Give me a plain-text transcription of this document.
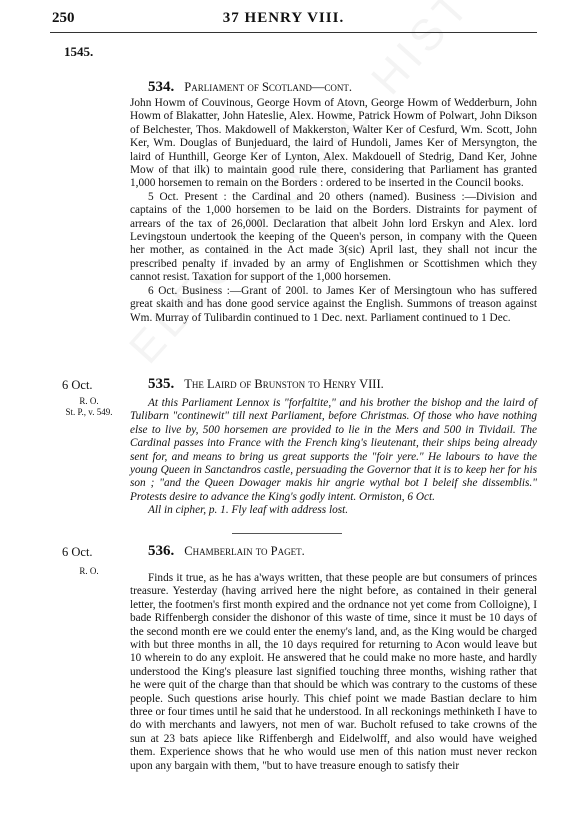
250	37 HENRY VIII.
1545.
534. Parliament of Scotland—cont.

John Howm of Couvinous, George Hovm of Atovn, George Howm of Wedderburn, John Howm of Blakatter, John Hateslie, Alex. Howme, Patrick Howm of Polwart, John Dikson of Belchester, Thos. Makdowell of Makkerston, Walter Ker of Cesfurd, Wm. Scott, John Ker, Wm. Douglas of Bunjeduard, the laird of Hundoli, James Ker of Mersyngton, the laird of Hunthill, George Ker of Lynton, Alex. Makdouell of Stedrig, Dand Ker, Johne Mow of that ilk) to maintain good rule there, considering that Parliament has granted 1,000 horsemen to remain on the Borders : ordered to be inserted in the Council books.

5 Oct. Present : the Cardinal and 20 others (named). Business :—Division and captains of the 1,000 horsemen to be laid on the Borders. Distraints for payment of arrears of the tax of 26,000l. Declaration that albeit John lord Erskyn and Alex. lord Levingstoun undertook the keeping of the Queen's person, in company with the Queen her mother, as contained in the Act made 3(sic) April last, they shall not incur the prescribed penalty if invaded by an army of Englishmen or Scottishmen which they cannot resist. Taxation for support of the 1,000 horsemen.

6 Oct. Business :—Grant of 200l. to James Ker of Mersingtoun who has suffered great skaith and has done good service against the English. Summons of treason against Wm. Murray of Tulibardin continued to 1 Dec. next. Parliament continued to 1 Dec.

6 Oct.
R. O.
St. P., v. 549.
535. The Laird of Brunston to Henry VIII.

At this Parliament Lennox is "forfaltite," and his brother the bishop and the laird of Tulibarn "continewit" till next Parliament, before Christmas. Of those who have nothing else to live by, 500 horsemen are provided to lie in the Mers and 500 in Tividail. The Cardinal passes into France with the French king's lieutenant, their ships being already sent for, and means to bring us great supports the "foir yere." He labours to have the young Queen in Sanctandros castle, persuading the Governor that it is to keep her for his son ; "and the Queen Dowager makis hir angrie wythal bot I beleif she dissemblis." Protests desire to advance the King's godly intent. Ormiston, 6 Oct.

All in cipher, p. 1. Fly leaf with address lost.

6 Oct.
R. O.
536. Chamberlain to Paget.

Finds it true, as he has a'ways written, that these people are but consumers of princes treasure. Yesterday (having arrived here the night before, as contained in their general letter, the footmen's first month expired and the ordnance not yet come from Colloigne), I bade Riffenbergh consider the dishonor of this waste of time, since it must be 10 days of the second month ere we could enter the enemy's land, and, as the King would be charged with but three months in all, the 10 days required for returning to Acon would leave but 10 wherein to do any exploit. He answered that he could make no more haste, and hardly understood the King's pleasure last signified touching three months, wishing rather that he were quit of the charge than that should be which was contrary to the customs of these people. Such questions arise hourly. This chief point we made Bastian declare to him three or four times until he said that he understood. In all reckonings methinketh I have to do with merchants and lawyers, not men of war. Bucholt refused to take crowns of the sun at 23 bats apiece like Riffenbergh and Eidelwolff, and also would have weighed them. Experience shows that he who would use men of this nation must never reckon upon any bargain with them, "but to have treasure enough to satisfy their
